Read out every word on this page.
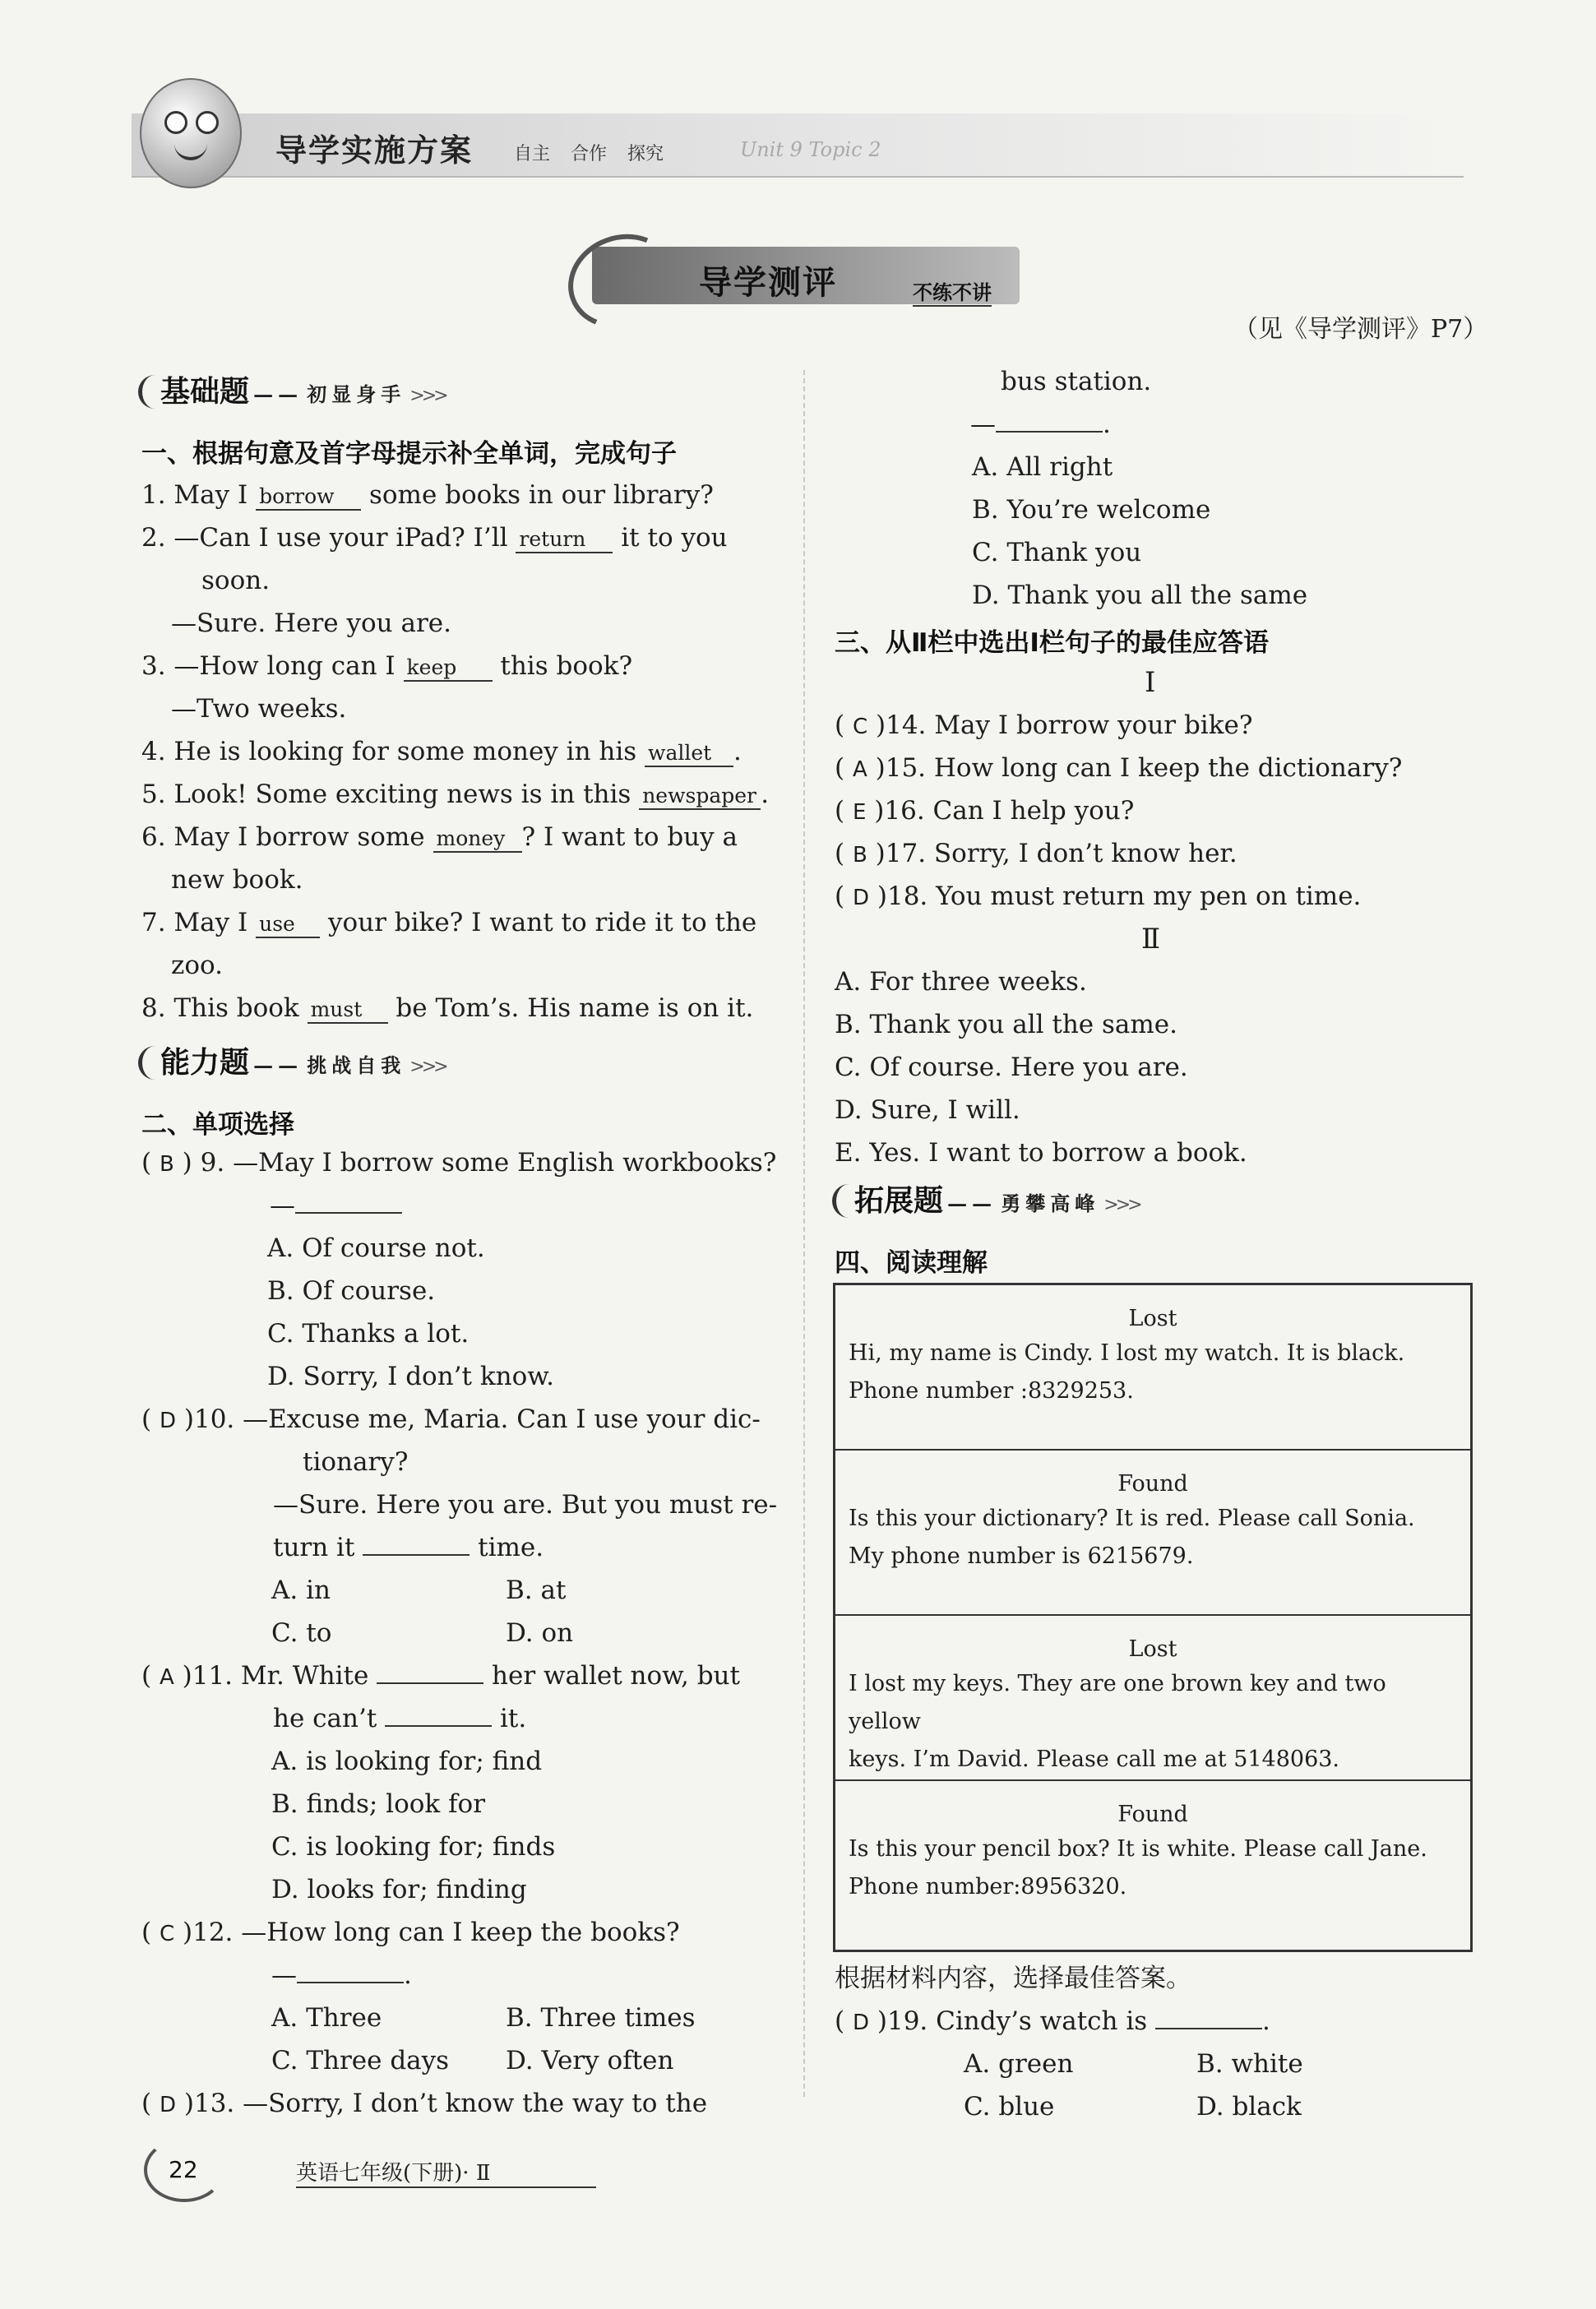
导学实施方案 自主 合作 探究	Unit 9 Topic 2
导学测评	不练不讲
（见《导学测评》P7）
基础题 —— 初显身手 >>>
一、根据句意及首字母提示补全单词，完成句子
1. May I borrow some books in our library?
2. —Can I use your iPad? I’ll return it to you
soon.
—Sure. Here you are.
3. —How long can I keep this book?
—Two weeks.
4. He is looking for some money in his wallet .
5. Look! Some exciting news is in this newspaper .
6. May I borrow some money ? I want to buy a
new book.
7. May I use your bike? I want to ride it to the
zoo.
8. This book must be Tom’s. His name is on it.
能力题 —— 挑战自我 >>>
二、单项选择
( B ) 9. —May I borrow some English workbooks?
—
A. Of course not.
B. Of course.
C. Thanks a lot.
D. Sorry, I don’t know.
( D )10. —Excuse me, Maria. Can I use your dic-
tionary?
—Sure. Here you are. But you must re-
turn it	time.
A. in	B. at
C. to	D. on
( A )11. Mr. White	her wallet now, but
he can’t	it.
A. is looking for; find
B. finds; look for
C. is looking for; finds
D. looks for; finding
( C )12. —How long can I keep the books?
—	.
A. Three	B. Three times
C. Three days D. Very often
( D )13. —Sorry, I don’t know the way to the
22	英语七年级(下册)· Ⅱ
bus station.
—	.
A. All right
B. You’re welcome
C. Thank you
D. Thank you all the same
三、从Ⅱ栏中选出Ⅰ栏句子的最佳应答语
Ⅰ
( C )14. May I borrow your bike?
( A )15. How long can I keep the dictionary?
( E )16. Can I help you?
( B )17. Sorry, I don’t know her.
( D )18. You must return my pen on time.
Ⅱ
A. For three weeks.
B. Thank you all the same.
C. Of course. Here you are.
D. Sure, I will.
E. Yes. I want to borrow a book.
拓展题 —— 勇攀高峰 >>>
四、阅读理解
Lost
Hi, my name is Cindy. I lost my watch. It is black.
Phone number :8329253.
Found
Is this your dictionary? It is red. Please call Sonia.
My phone number is 6215679.
Lost
I lost my keys. They are one brown key and two yellow
keys. I’m David. Please call me at 5148063.
Found
Is this your pencil box? It is white. Please call Jane.
Phone number:8956320.
根据材料内容，选择最佳答案。
( D )19. Cindy’s watch is	.
A. green	B. white
C. blue	D. black
